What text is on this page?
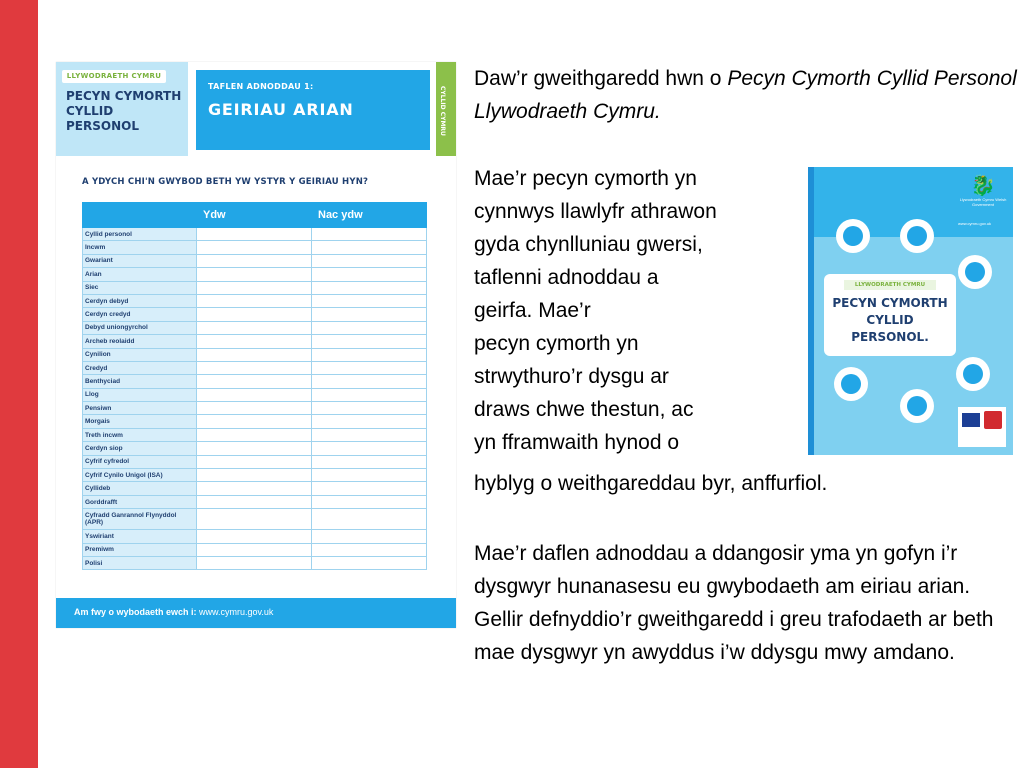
LLYWODRAETH CYMRU
PECYN CYMORTH
CYLLID
PERSONOL
TAFLEN ADNODDAU 1:
GEIRIAU ARIAN	CYLLID CYMRU
A YDYCH CHI'N GWYBOD BETH YW YSTYR Y GEIRIAU HYN?
	Ydw	Nac ydw
Cyllid personol		
Incwm		
Gwariant		
Arian		
Siec		
Cerdyn debyd		
Cerdyn credyd		
Debyd uniongyrchol		
Archeb reolaidd		
Cynilion		
Credyd		
Benthyciad		
Llog		
Pensiwn		
Morgais		
Treth incwm		
Cerdyn siop		
Cyfrif cyfredol		
Cyfrif Cynilo Unigol (ISA)		
Cyllideb		
Gorddrafft		
Cyfradd Ganrannol Flynyddol (APR)		
Yswiriant		
Premiwm		
Polisi		
Am fwy o wybodaeth ewch i: www.cymru.gov.uk
Daw’r gweithgaredd hwn o Pecyn Cymorth Cyllid Personol Llywodraeth Cymru.
Mae’r pecyn cymorth yn
cynnwys llawlyfr athrawon
gyda chynlluniau gwersi,
taflenni adnoddau a
geirfa. Mae’r
pecyn cymorth yn
strwythuro’r dysgu ar
draws chwe thestun, ac
yn fframwaith hynod o
hyblyg o weithgareddau byr, anffurfiol.
🐉
Llywodraeth Cymru Welsh Government
www.cymru.gov.uk
LLYWODRAETH CYMRU
PECYN CYMORTH
CYLLID
PERSONOL.
Mae’r daflen adnoddau a ddangosir yma yn gofyn i’r dysgwyr hunanasesu eu gwybodaeth am eiriau arian. Gellir defnyddio’r gweithgaredd i greu trafodaeth ar beth mae dysgwyr yn awyddus i’w ddysgu mwy amdano.
